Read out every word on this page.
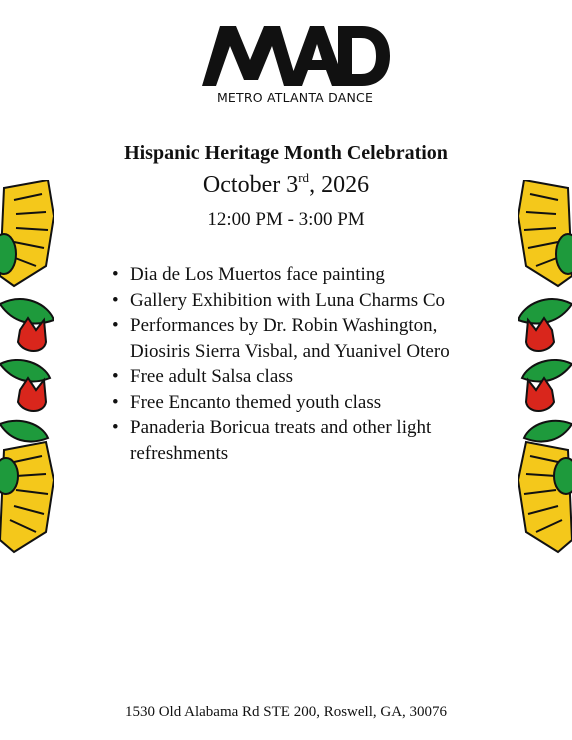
METRO ATLANTA DANCE
Hispanic Heritage Month Celebration
October 3rd, 2026
12:00 PM - 3:00 PM
• Dia de Los Muertos face painting
• Gallery Exhibition with Luna Charms Co
• Performances by Dr. Robin Washington, Diosiris Sierra Visbal, and Yuanivel Otero
• Free adult Salsa class
• Free Encanto themed youth class
• Panaderia Boricua treats and other light refreshments
1530 Old Alabama Rd STE 200, Roswell, GA, 30076
